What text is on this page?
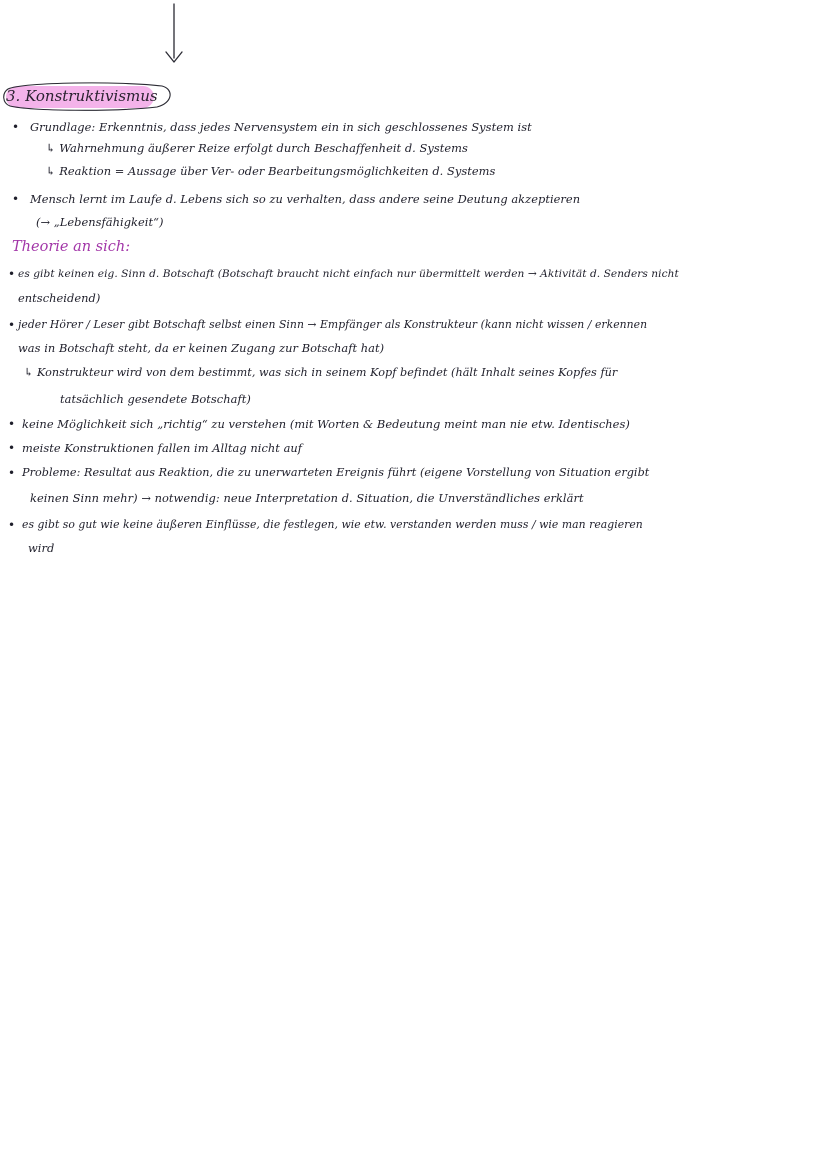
3. Konstruktivismus
• Grundlage: Erkenntnis, dass jedes Nervensystem ein in sich geschlossenes System ist
↳ Wahrnehmung äußerer Reize erfolgt durch Beschaffenheit d. Systems
↳ Reaktion = Aussage über Ver- oder Bearbeitungsmöglichkeiten d. Systems
• Mensch lernt im Laufe d. Lebens sich so zu verhalten, dass andere seine Deutung akzeptieren
(→ „Lebensfähigkeit“)
Theorie an sich:
• es gibt keinen eig. Sinn d. Botschaft (Botschaft braucht nicht einfach nur übermittelt werden → Aktivität d. Senders nicht
entscheidend)
• jeder Hörer / Leser gibt Botschaft selbst einen Sinn → Empfänger als Konstrukteur (kann nicht wissen / erkennen
was in Botschaft steht, da er keinen Zugang zur Botschaft hat)
↳ Konstrukteur wird von dem bestimmt, was sich in seinem Kopf befindet (hält Inhalt seines Kopfes für
tatsächlich gesendete Botschaft)
• keine Möglichkeit sich „richtig“ zu verstehen (mit Worten & Bedeutung meint man nie etw. Identisches)
• meiste Konstruktionen fallen im Alltag nicht auf
• Probleme: Resultat aus Reaktion, die zu unerwarteten Ereignis führt (eigene Vorstellung von Situation ergibt
keinen Sinn mehr) → notwendig: neue Interpretation d. Situation, die Unverständliches erklärt
• es gibt so gut wie keine äußeren Einflüsse, die festlegen, wie etw. verstanden werden muss / wie man reagieren
wird
